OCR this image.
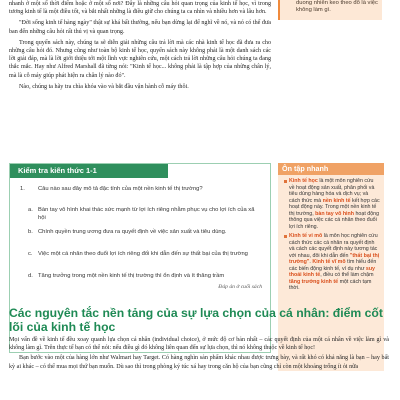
duong nhiên keo theo đổ là việc không làm gì.

nhanh ở một số thời điểm hoặc ở một số nơi? Đây là những câu hỏi quan trọng của kinh tế học, vì trong tương kinh tế là một điều tốt, và bắt nhất những là điều giữ cho chúng ta ca nhìn và nhiều hơn và lâu hơn.

"Đời sống kinh tế hàng ngày" thật sự khá bất thường, nếu bạn dừng lại để nghĩ về nó, và nó có thể đưa ban đến những câu hỏi rất thú vị và quan trọng.

Trong quyển sách này, chúng ta sẽ diễn giải những câu trả lời mà các nhà kinh tế học đã đưa ra cho những câu hỏi đó. Nhưng cũng như toàn bộ kinh tế học, quyển sách này không phải là một danh sách các lời giải đáp, mà là lời giới thiệu tới một lĩnh vực nghiên cứu, một cách trả lời những câu hỏi chúng ta đang thắc mắc. Hay như Alfred Marshall đã từng nói: "Kinh tế học... không phải là tập hợp của những chân lý, mà là cỗ máy giúp phát hiện ra chân lý nào đó".

Nào, chúng ta hãy tra chìa khóa vào và bắt đầu vận hành cỗ máy thôi.

Kiểm tra kiến thức 1-1
1. Câu nào sau đây mô tả đặc tính của một nền kinh tế thị trường?
a. Bàn tay vô hình khai thác sức mạnh từ lợi ích riêng nhằm phục vụ cho lợi ích của xã hội
b. Chính quyền trung ương đưa ra quyết định về việc sản xuất và tiêu dùng.
c. Việc một cá nhân theo đuổi lợi ích riêng đối khi dẫn đến sự thất bại của thị trường
d. Tăng trưởng trong một nền kinh tế thị trường thì ổn định và ít thăng trầm
Đáp án ở cuối sách
Ôn tập nhanh
Kinh tế học là một môn nghiên cứu về hoạt động sản xuất, phân phối và tiêu dùng hàng hóa và dịch vụ; và cách thức mà nền kinh tế kết hợp các hoạt động này. Trong một nền kinh tế thị trường, bàn tay vô hình hoạt động thông qua việc các cá nhân theo đuổi lợi ích riêng.
Kinh tế vi mô là môn học nghiên cứu cách thức các cá nhân ra quyết định và cách các quyết định này tương tác với nhau, đôi khi dẫn đến "thất bại thị trường". Kinh tế vĩ mô tìm hiểu đến các biến động kinh tế, ví dụ như suy thoái kinh tế, điều có thể làm chậm tăng trưởng kinh tế một cách tạm thời.
Các nguyên tắc nền tảng của sự lựa chọn của cá nhân: điểm cốt lõi của kinh tế học

Mọi vấn đề về kinh tế đều xoay quanh lựa chọn cá nhân (individual choice), ở mức độ cơ bản nhất – các quyết định của một cá nhân về việc làm gì và không làm gì. Trên thực tế bạn có thể nói: nếu điều gì đó không liên quan đến sự lựa chọn, thì nó không thuộc về kinh tế học!

Bạn bước vào một của hàng lớn như Walmart hay Target. Có hàng nghìn sản phẩm khác nhau được trưng bày, và rất khó có khả năng là bạn – hay bất kỳ ai khác – có thể mua mọi thứ bạn muốn. Dù sao thì trong phòng ký túc xá hay trong căn hộ của bạn cũng chỉ còn một khoảng trống ít ỏi nữa
